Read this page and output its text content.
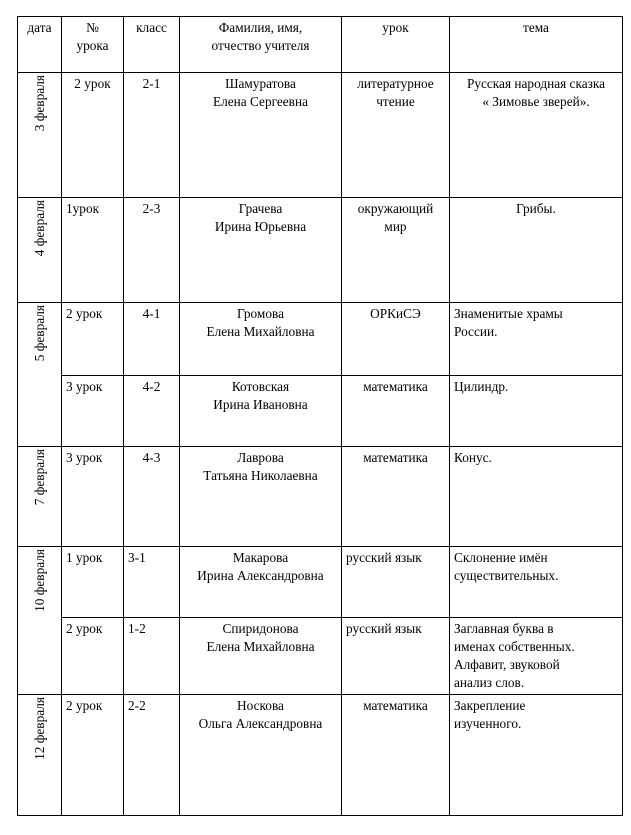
дата	№
урока	класс	Фамилия, имя,
отчество учителя	урок	тема
3 февраля	2 урок	2-1	Шамуратова
Елена Сергеевна	литературное
чтение	Русская народная сказка
« Зимовье зверей».

4 февраля	1урок	2-3	Грачева
Ирина Юрьевна	окружающий
мир	Грибы.

5 февраля	2 урок	4-1	Громова
Елена Михайловна	ОРКиСЭ	Знаменитые храмы
России.

	3 урок	4-2	Котовская
Ирина Ивановна	математика	Цилиндр.

7 февраля	3 урок	4-3	Лаврова
Татьяна Николаевна	математика	Конус.

10 февраля	1 урок	3-1	Макарова
Ирина Александровна	русский язык	Склонение имён
существительных.

	2 урок	1-2	Спиридонова
Елена Михайловна	русский язык	Заглавная буква в
именах собственных.
Алфавит, звуковой
анализ слов.

12 февраля	2 урок	2-2	Носкова
Ольга Александровна	математика	Закрепление
изученного.
